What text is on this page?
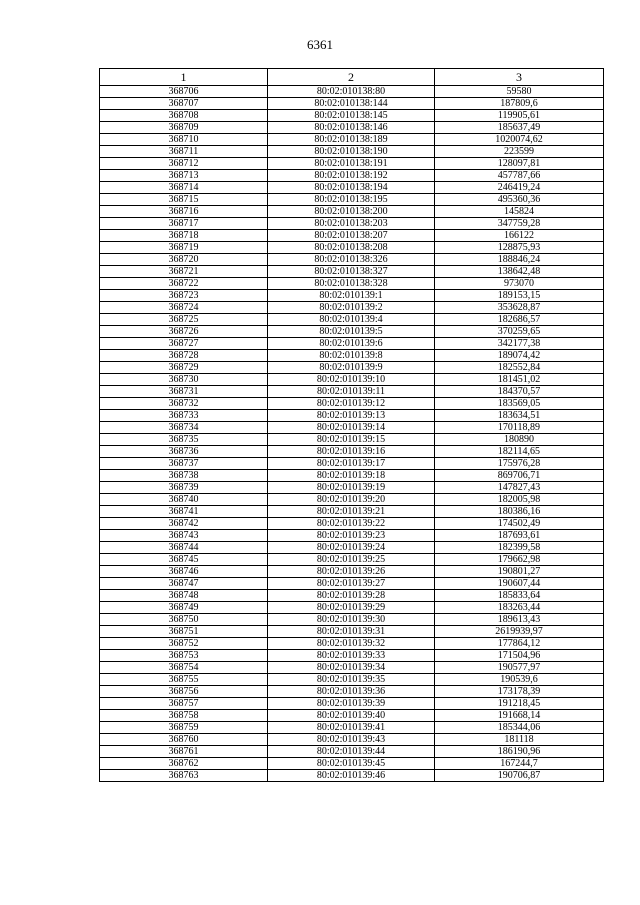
6361
1	2	3
368706	80:02:010138:80	59580
368707	80:02:010138:144	187809,6
368708	80:02:010138:145	119905,61
368709	80:02:010138:146	185637,49
368710	80:02:010138:189	1020074,62
368711	80:02:010138:190	223599
368712	80:02:010138:191	128097,81
368713	80:02:010138:192	457787,66
368714	80:02:010138:194	246419,24
368715	80:02:010138:195	495360,36
368716	80:02:010138:200	145824
368717	80:02:010138:203	347759,28
368718	80:02:010138:207	166122
368719	80:02:010138:208	128875,93
368720	80:02:010138:326	188846,24
368721	80:02:010138:327	138642,48
368722	80:02:010138:328	973070
368723	80:02:010139:1	189153,15
368724	80:02:010139:2	353628,87
368725	80:02:010139:4	182686,57
368726	80:02:010139:5	370259,65
368727	80:02:010139:6	342177,38
368728	80:02:010139:8	189074,42
368729	80:02:010139:9	182552,84
368730	80:02:010139:10	181451,02
368731	80:02:010139:11	184370,57
368732	80:02:010139:12	183569,05
368733	80:02:010139:13	183634,51
368734	80:02:010139:14	170118,89
368735	80:02:010139:15	180890
368736	80:02:010139:16	182114,65
368737	80:02:010139:17	175976,28
368738	80:02:010139:18	869706,71
368739	80:02:010139:19	147827,43
368740	80:02:010139:20	182005,98
368741	80:02:010139:21	180386,16
368742	80:02:010139:22	174502,49
368743	80:02:010139:23	187693,61
368744	80:02:010139:24	182399,58
368745	80:02:010139:25	179662,98
368746	80:02:010139:26	190801,27
368747	80:02:010139:27	190607,44
368748	80:02:010139:28	185833,64
368749	80:02:010139:29	183263,44
368750	80:02:010139:30	189613,43
368751	80:02:010139:31	2619939,97
368752	80:02:010139:32	177864,12
368753	80:02:010139:33	171504,96
368754	80:02:010139:34	190577,97
368755	80:02:010139:35	190539,6
368756	80:02:010139:36	173178,39
368757	80:02:010139:39	191218,45
368758	80:02:010139:40	191668,14
368759	80:02:010139:41	185344,06
368760	80:02:010139:43	181118
368761	80:02:010139:44	186190,96
368762	80:02:010139:45	167244,7
368763	80:02:010139:46	190706,87
